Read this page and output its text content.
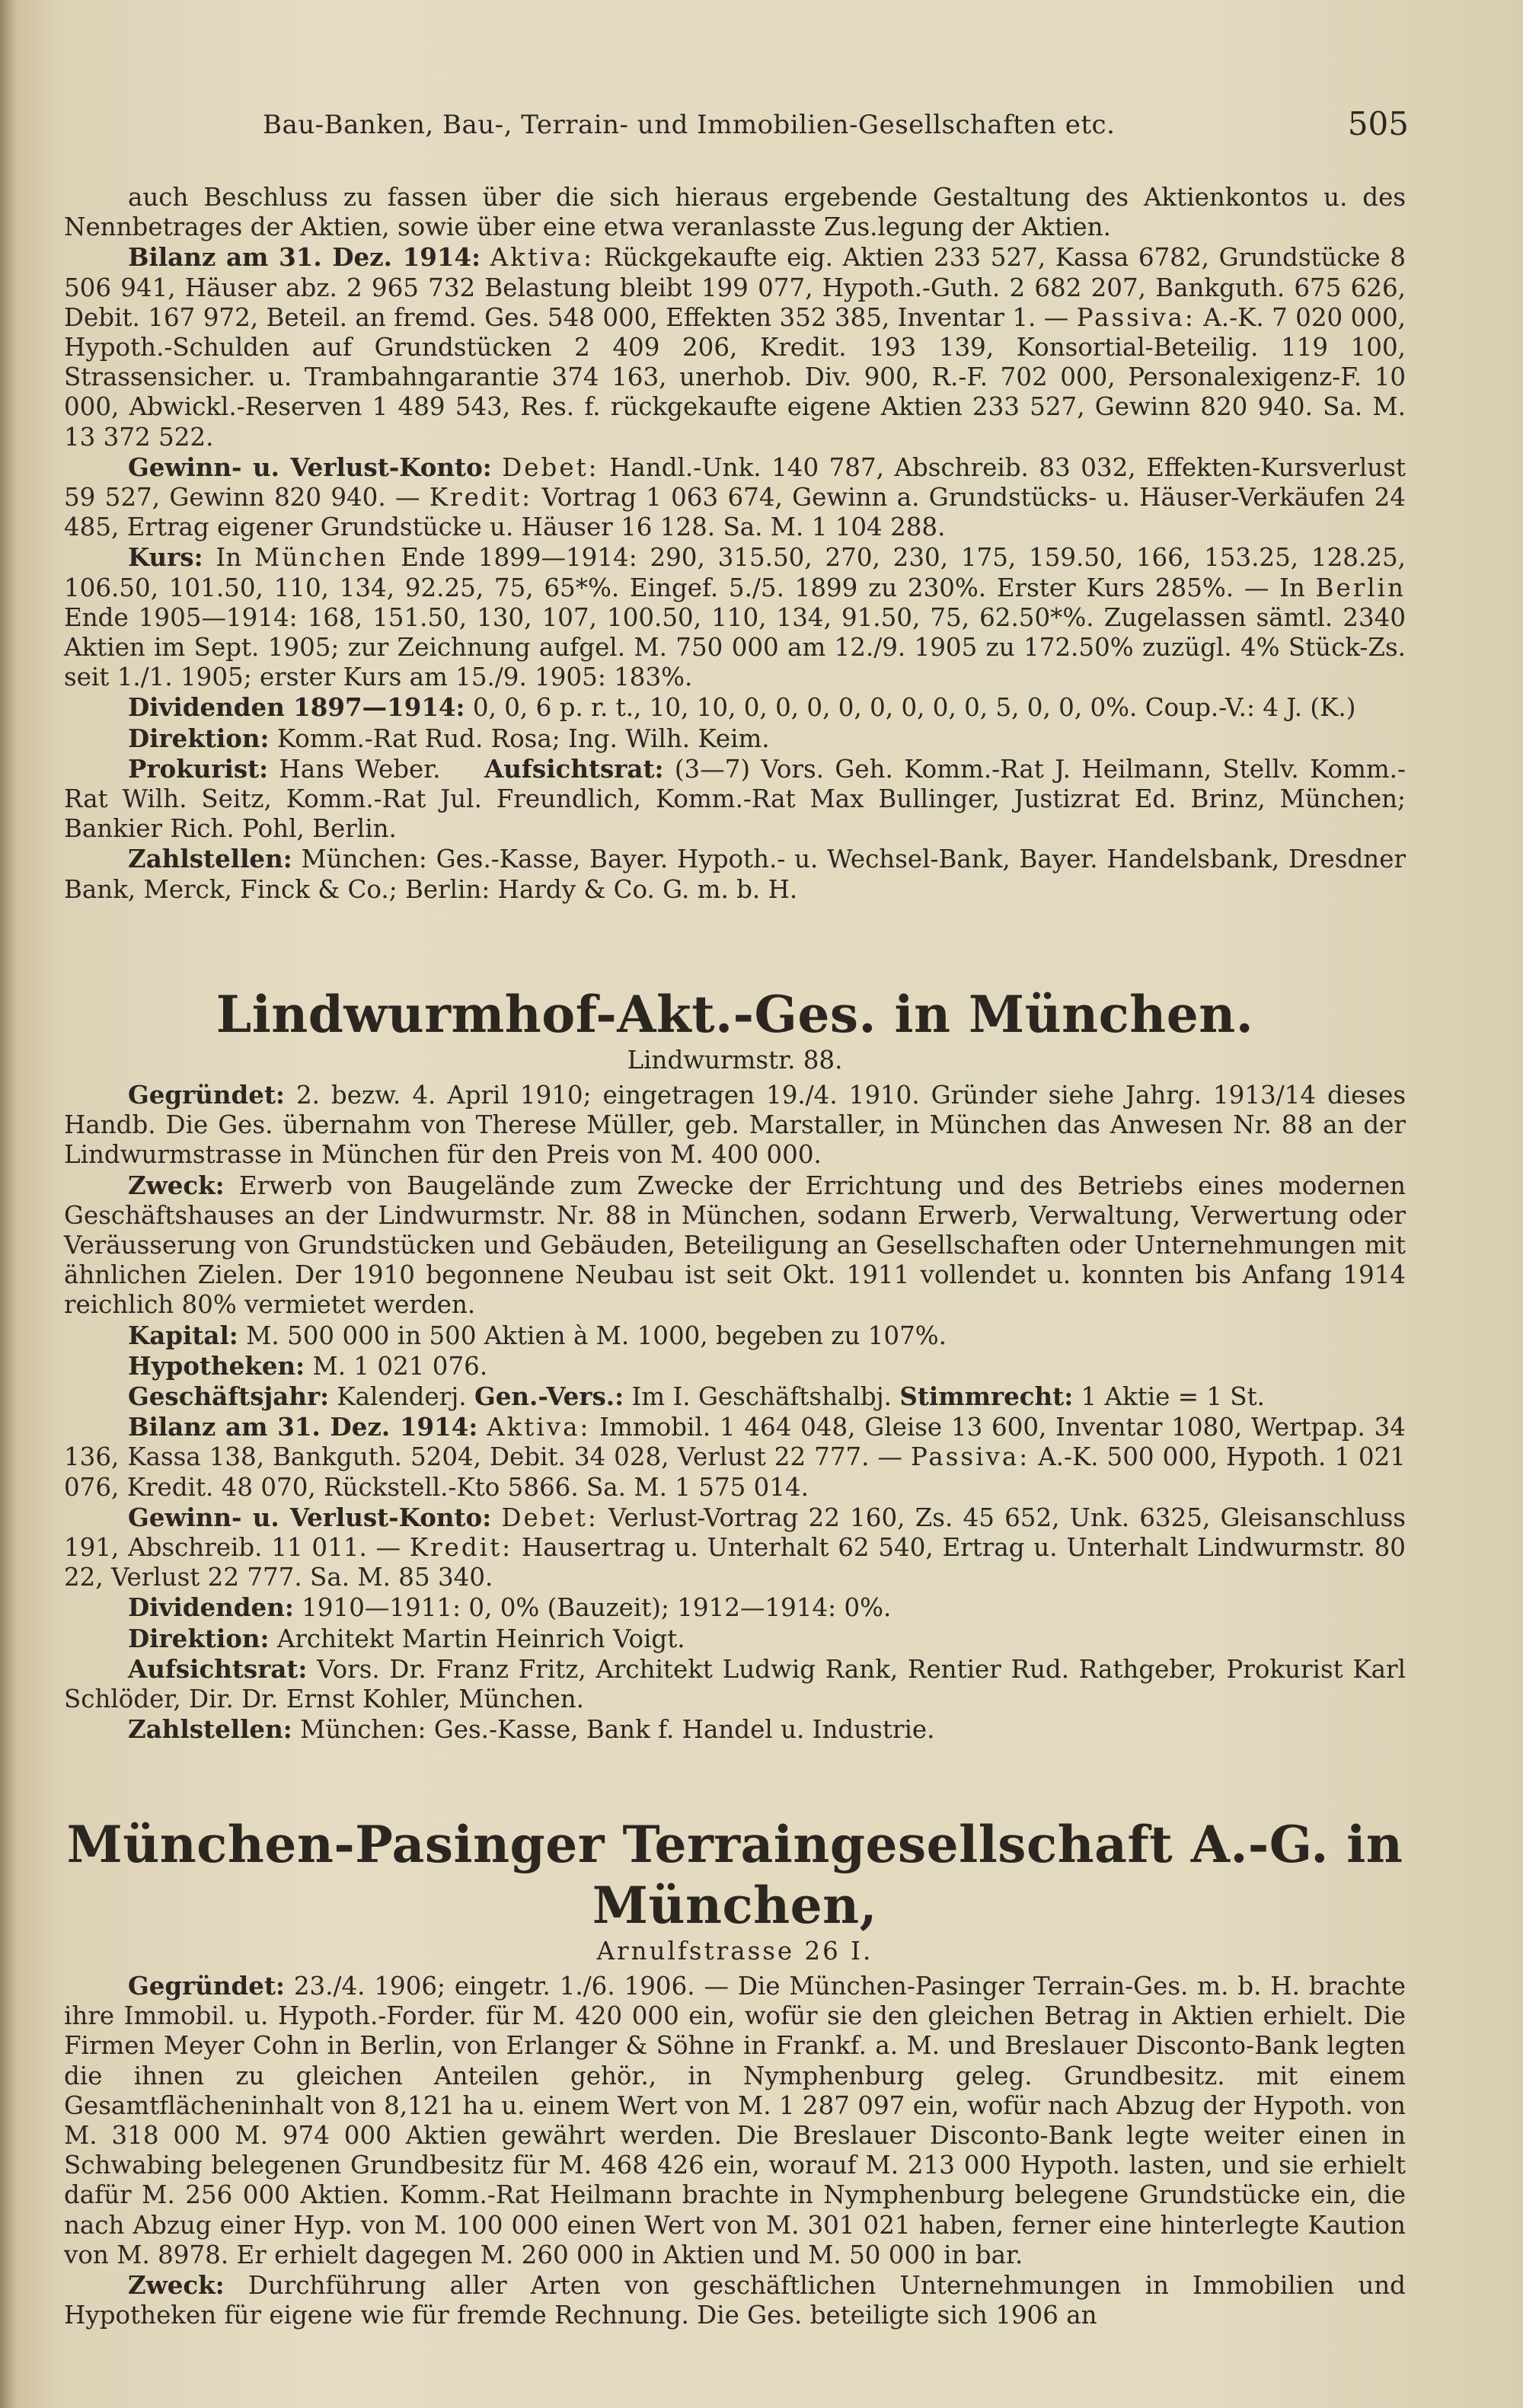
Bau-Banken, Bau-, Terrain- und Immobilien-Gesellschaften etc.	505

auch Beschluss zu fassen über die sich hieraus ergebende Gestaltung des Aktienkontos u. des Nennbetrages der Aktien, sowie über eine etwa veranlasste Zus.legung der Aktien.

Bilanz am 31. Dez. 1914: Aktiva: Rückgekaufte eig. Aktien 233 527, Kassa 6782, Grundstücke 8 506 941, Häuser abz. 2 965 732 Belastung bleibt 199 077, Hypoth.-Guth. 2 682 207, Bankguth. 675 626, Debit. 167 972, Beteil. an fremd. Ges. 548 000, Effekten 352 385, Inventar 1. — Passiva: A.-K. 7 020 000, Hypoth.-Schulden auf Grundstücken 2 409 206, Kredit. 193 139, Konsortial-Beteilig. 119 100, Strassensicher. u. Trambahngarantie 374 163, unerhob. Div. 900, R.-F. 702 000, Personalexigenz-F. 10 000, Abwickl.-Reserven 1 489 543, Res. f. rückgekaufte eigene Aktien 233 527, Gewinn 820 940. Sa. M. 13 372 522.

Gewinn- u. Verlust-Konto: Debet: Handl.-Unk. 140 787, Abschreib. 83 032, Effekten-Kursverlust 59 527, Gewinn 820 940. — Kredit: Vortrag 1 063 674, Gewinn a. Grundstücks- u. Häuser-Verkäufen 24 485, Ertrag eigener Grundstücke u. Häuser 16 128. Sa. M. 1 104 288.

Kurs: In München Ende 1899—1914: 290, 315.50, 270, 230, 175, 159.50, 166, 153.25, 128.25, 106.50, 101.50, 110, 134, 92.25, 75, 65*%. Eingef. 5./5. 1899 zu 230%. Erster Kurs 285%. — In Berlin Ende 1905—1914: 168, 151.50, 130, 107, 100.50, 110, 134, 91.50, 75, 62.50*%. Zugelassen sämtl. 2340 Aktien im Sept. 1905; zur Zeichnung aufgel. M. 750 000 am 12./9. 1905 zu 172.50% zuzügl. 4% Stück-Zs. seit 1./1. 1905; erster Kurs am 15./9. 1905: 183%.

Dividenden 1897—1914: 0, 0, 6 p. r. t., 10, 10, 0, 0, 0, 0, 0, 0, 0, 0, 5, 0, 0, 0%. Coup.-V.: 4 J. (K.)

Direktion: Komm.-Rat Rud. Rosa; Ing. Wilh. Keim.

Prokurist: Hans Weber. Aufsichtsrat: (3—7) Vors. Geh. Komm.-Rat J. Heilmann, Stellv. Komm.-Rat Wilh. Seitz, Komm.-Rat Jul. Freundlich, Komm.-Rat Max Bullinger, Justizrat Ed. Brinz, München; Bankier Rich. Pohl, Berlin.

Zahlstellen: München: Ges.-Kasse, Bayer. Hypoth.- u. Wechsel-Bank, Bayer. Handelsbank, Dresdner Bank, Merck, Finck & Co.; Berlin: Hardy & Co. G. m. b. H.

Lindwurmhof-Akt.-Ges. in München.

Lindwurmstr. 88.

Gegründet: 2. bezw. 4. April 1910; eingetragen 19./4. 1910. Gründer siehe Jahrg. 1913/14 dieses Handb. Die Ges. übernahm von Therese Müller, geb. Marstaller, in München das Anwesen Nr. 88 an der Lindwurmstrasse in München für den Preis von M. 400 000.

Zweck: Erwerb von Baugelände zum Zwecke der Errichtung und des Betriebs eines modernen Geschäftshauses an der Lindwurmstr. Nr. 88 in München, sodann Erwerb, Verwaltung, Verwertung oder Veräusserung von Grundstücken und Gebäuden, Beteiligung an Gesellschaften oder Unternehmungen mit ähnlichen Zielen. Der 1910 begonnene Neubau ist seit Okt. 1911 vollendet u. konnten bis Anfang 1914 reichlich 80% vermietet werden.

Kapital: M. 500 000 in 500 Aktien à M. 1000, begeben zu 107%.

Hypotheken: M. 1 021 076.

Geschäftsjahr: Kalenderj. Gen.-Vers.: Im I. Geschäftshalbj. Stimmrecht: 1 Aktie = 1 St.

Bilanz am 31. Dez. 1914: Aktiva: Immobil. 1 464 048, Gleise 13 600, Inventar 1080, Wertpap. 34 136, Kassa 138, Bankguth. 5204, Debit. 34 028, Verlust 22 777. — Passiva: A.-K. 500 000, Hypoth. 1 021 076, Kredit. 48 070, Rückstell.-Kto 5866. Sa. M. 1 575 014.

Gewinn- u. Verlust-Konto: Debet: Verlust-Vortrag 22 160, Zs. 45 652, Unk. 6325, Gleisanschluss 191, Abschreib. 11 011. — Kredit: Hausertrag u. Unterhalt 62 540, Ertrag u. Unterhalt Lindwurmstr. 80 22, Verlust 22 777. Sa. M. 85 340.

Dividenden: 1910—1911: 0, 0% (Bauzeit); 1912—1914: 0%.

Direktion: Architekt Martin Heinrich Voigt.

Aufsichtsrat: Vors. Dr. Franz Fritz, Architekt Ludwig Rank, Rentier Rud. Rathgeber, Prokurist Karl Schlöder, Dir. Dr. Ernst Kohler, München.

Zahlstellen: München: Ges.-Kasse, Bank f. Handel u. Industrie.

München-Pasinger Terraingesellschaft A.-G. in München,

Arnulfstrasse 26 I.

Gegründet: 23./4. 1906; eingetr. 1./6. 1906. — Die München-Pasinger Terrain-Ges. m. b. H. brachte ihre Immobil. u. Hypoth.-Forder. für M. 420 000 ein, wofür sie den gleichen Betrag in Aktien erhielt. Die Firmen Meyer Cohn in Berlin, von Erlanger & Söhne in Frankf. a. M. und Breslauer Disconto-Bank legten die ihnen zu gleichen Anteilen gehör., in Nymphenburg geleg. Grundbesitz. mit einem Gesamtflächeninhalt von 8,121 ha u. einem Wert von M. 1 287 097 ein, wofür nach Abzug der Hypoth. von M. 318 000 M. 974 000 Aktien gewährt werden. Die Breslauer Disconto-Bank legte weiter einen in Schwabing belegenen Grundbesitz für M. 468 426 ein, worauf M. 213 000 Hypoth. lasten, und sie erhielt dafür M. 256 000 Aktien. Komm.-Rat Heilmann brachte in Nymphenburg belegene Grundstücke ein, die nach Abzug einer Hyp. von M. 100 000 einen Wert von M. 301 021 haben, ferner eine hinterlegte Kaution von M. 8978. Er erhielt dagegen M. 260 000 in Aktien und M. 50 000 in bar.

Zweck: Durchführung aller Arten von geschäftlichen Unternehmungen in Immobilien und Hypotheken für eigene wie für fremde Rechnung. Die Ges. beteiligte sich 1906 an
